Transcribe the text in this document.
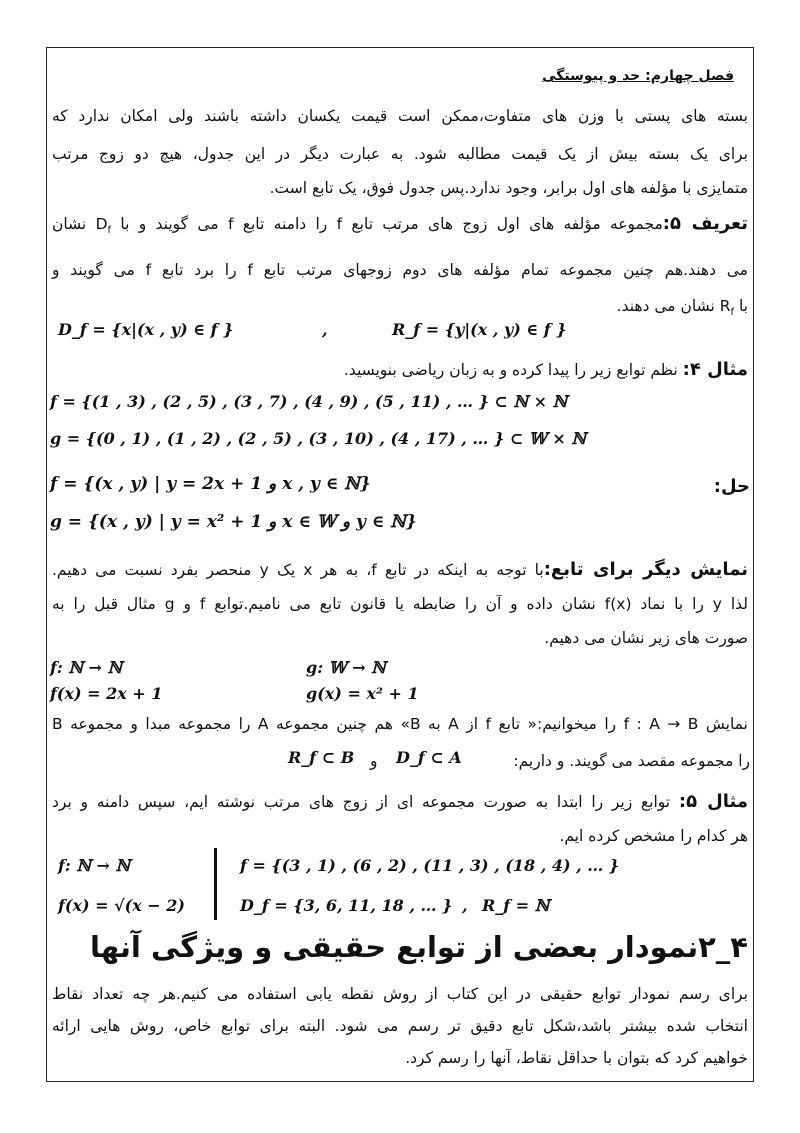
فصل چهارم: حد و پیوستگی
بسته های پستی با وزن های متفاوت،ممکن است قیمت یکسان داشته باشند ولی امکان ندارد که
برای یک بسته بیش از یک قیمت مطالبه شود. به عبارت دیگر در این جدول، هیچ دو زوج مرتب
متمایزی با مؤلفه های اول برابر، وجود ندارد.پس جدول فوق، یک تابع است.
تعریف ۵:مجموعه مؤلفه های اول زوج های مرتب تابع f را دامنه تابع f می گویند و با $D_f$ نشان
می دهند.هم چنین مجموعه تمام مؤلفه های دوم زوجهای مرتب تابع f را برد تابع f می گویند و
با $R_f$ نشان می دهند.
D_f = {x|(x , y) ∈ f }	,	R_f = {y|(x , y) ∈ f }
مثال ۴: نظم توابع زیر را پیدا کرده و به زبان ریاضی بنویسید.
f = {(1 , 3) , (2 , 5) , (3 , 7) , (4 , 9) , (5 , 11) , … } ⊂ ℕ × ℕ
g = {(0 , 1) , (1 , 2) , (2 , 5) , (3 , 10) , (4 , 17) , … } ⊂ 𝕎 × ℕ
حل:
f = {(x , y) | y = 2x + 1 و x , y ∈ ℕ}
g = {(x , y) | y = x² + 1 و x ∈ 𝕎 و y ∈ ℕ}
نمایش دیگر برای تابع:با توجه به اینکه در تابع f، به هر x یک y منحصر بفرد نسبت می دهیم.
لذا y را با نماد f(x) نشان داده و آن را ضابطه یا قانون تابع می نامیم.توابع f و g مثال قبل را به
صورت های زیر نشان می دهیم.
f: ℕ → ℕ
f(x) = 2x + 1
g: 𝕎 → ℕ
g(x) = x² + 1
نمایش f : A → B را میخوانیم:« تابع f از A به B» هم چنین مجموعه A را مجموعه مبدا و مجموعه B
را مجموعه مقصد می گویند. و داریم:
D_f ⊂ A
و
R_f ⊂ B
مثال ۵: توابع زیر را ابتدا به صورت مجموعه ای از زوج های مرتب نوشته ایم، سپس دامنه و برد
هر کدام را مشخص کرده ایم.
f: ℕ → ℕ
f(x) = √(x − 2)
f = {(3 , 1) , (6 , 2) , (11 , 3) , (18 , 4) , … }
D_f = {3, 6, 11, 18 , … } , R_f = ℕ
۴_۲نمودار بعضی از توابع حقیقی و ویژگی آنها
برای رسم نمودار توابع حقیقی در این کتاب از روش نقطه یابی استفاده می کنیم.هر چه تعداد نقاط
انتخاب شده بیشتر باشد،شکل تابع دقیق تر رسم می شود. البته برای توابع خاص، روش هایی ارائه
خواهیم کرد که بتوان با حداقل نقاط، آنها را رسم کرد.
